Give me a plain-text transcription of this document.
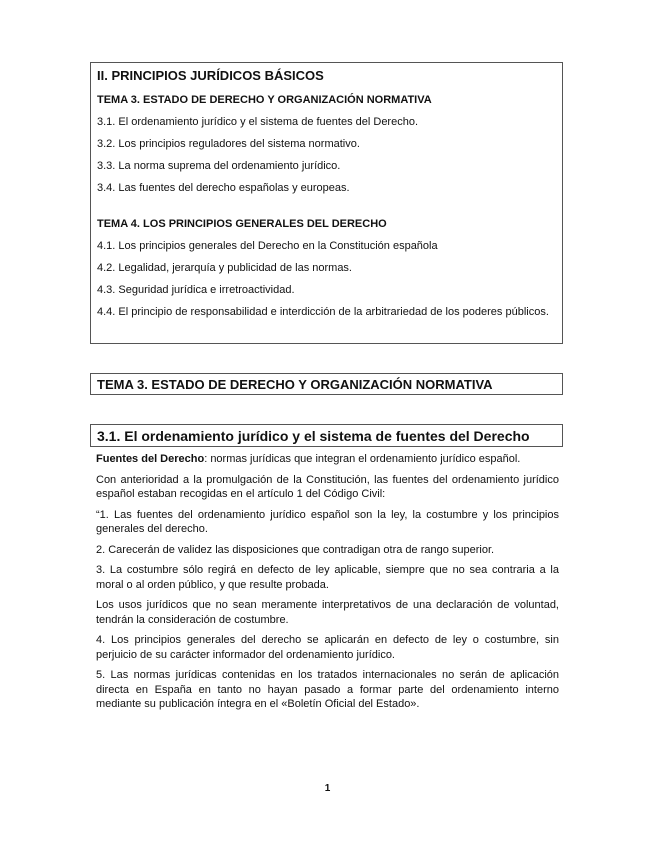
II. PRINCIPIOS JURÍDICOS BÁSICOS
TEMA 3. ESTADO DE DERECHO Y ORGANIZACIÓN NORMATIVA
3.1. El ordenamiento jurídico y el sistema de fuentes del Derecho.
3.2. Los principios reguladores del sistema normativo.
3.3. La norma suprema del ordenamiento jurídico.
3.4. Las fuentes del derecho españolas y europeas.
TEMA 4. LOS PRINCIPIOS GENERALES DEL DERECHO
4.1. Los principios generales del Derecho en la Constitución española
4.2. Legalidad, jerarquía y publicidad de las normas.
4.3. Seguridad jurídica e irretroactividad.
4.4. El principio de responsabilidad e interdicción de la arbitrariedad de los poderes públicos.
TEMA 3. ESTADO DE DERECHO Y ORGANIZACIÓN NORMATIVA
3.1. El ordenamiento jurídico y el sistema de fuentes del Derecho

Fuentes del Derecho: normas jurídicas que integran el ordenamiento jurídico español.

Con anterioridad a la promulgación de la Constitución, las fuentes del ordenamiento jurídico español estaban recogidas en el artículo 1 del Código Civil:

“1. Las fuentes del ordenamiento jurídico español son la ley, la costumbre y los principios generales del derecho.

2. Carecerán de validez las disposiciones que contradigan otra de rango superior.

3. La costumbre sólo regirá en defecto de ley aplicable, siempre que no sea contraria a la moral o al orden público, y que resulte probada.

Los usos jurídicos que no sean meramente interpretativos de una declaración de voluntad, tendrán la consideración de costumbre.

4. Los principios generales del derecho se aplicarán en defecto de ley o costumbre, sin perjuicio de su carácter informador del ordenamiento jurídico.

5. Las normas jurídicas contenidas en los tratados internacionales no serán de aplicación directa en España en tanto no hayan pasado a formar parte del ordenamiento interno mediante su publicación íntegra en el «Boletín Oficial del Estado».

1
